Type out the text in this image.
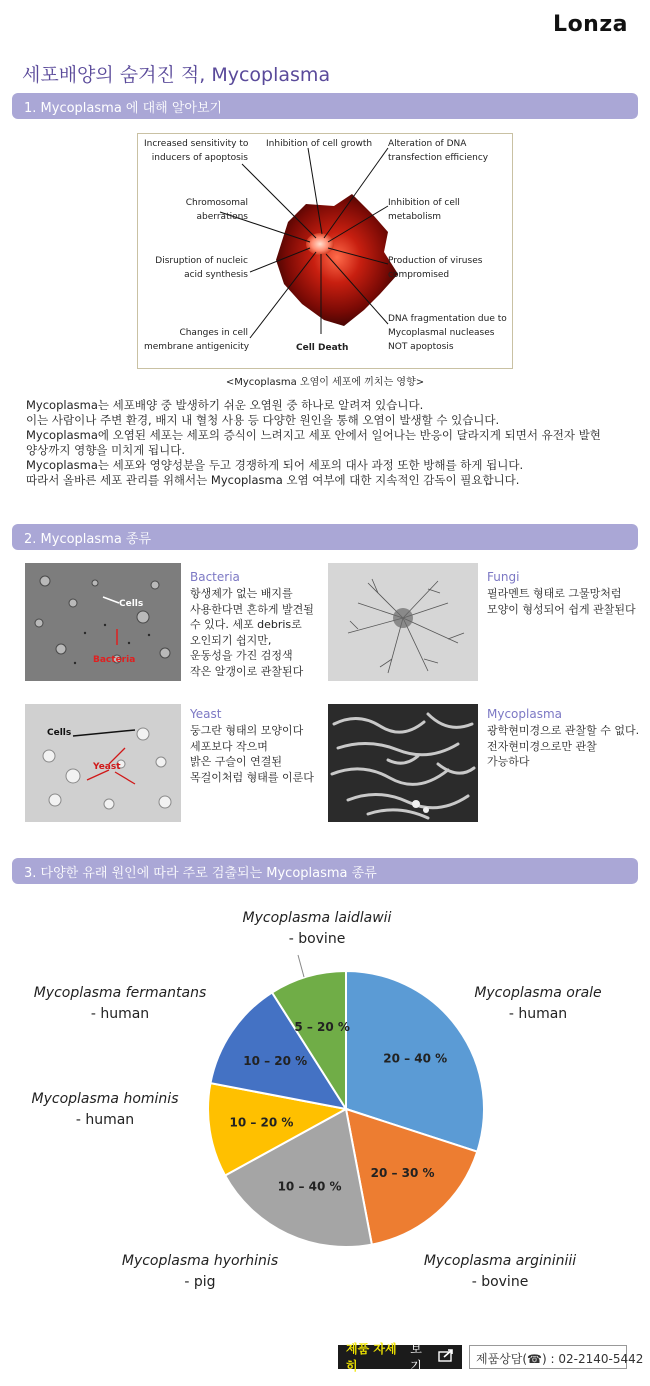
Lonza
세포배양의 숨겨진 적, Mycoplasma
1. Mycoplasma 에 대해 알아보기
Increased sensitivity to
inducers of apoptosis
Chromosomal
aberrations
Disruption of nucleic
acid synthesis
Changes in cell
membrane antigenicity
Inhibition of cell growth
Cell Death
Alteration of DNA
transfection efficiency
Inhibition of cell
metabolism
Production of viruses
compromised
DNA fragmentation due to
Mycoplasmal nucleases
NOT apoptosis
<Mycoplasma 오염이 세포에 끼치는 영향>

Mycoplasma는 세포배양 중 발생하기 쉬운 오염원 중 하나로 알려져 있습니다.

이는 사람이나 주변 환경, 배지 내 혈청 사용 등 다양한 원인을 통해 오염이 발생할 수 있습니다.

Mycoplasma에 오염된 세포는 세포의 증식이 느려지고 세포 안에서 일어나는 반응이 달라지게 되면서 유전자 발현

양상까지 영향을 미치게 됩니다.

Mycoplasma는 세포와 영양성분을 두고 경쟁하게 되어 세포의 대사 과정 또한 방해를 하게 됩니다.

따라서 올바른 세포 관리를 위해서는 Mycoplasma 오염 여부에 대한 지속적인 감독이 필요합니다.

2. Mycoplasma 종류
Cells
Bacteria
Bacteria
항생제가 없는 배지를
사용한다면 흔하게 발견될
수 있다. 세포 debris로
오인되기 쉽지만,
운동성을 가진 검정색
작은 알갱이로 관찰된다
Fungi
필라멘트 형태로 그물망처럼
모양이 형성되어 쉽게 관찰된다
Cells
Yeast
Yeast
둥그란 형태의 모양이다
세포보다 작으며
밝은 구슬이 연결된
목걸이처럼 형태를 이룬다
Mycoplasma
광학현미경으로 관찰할 수 없다.
전자현미경으로만 관찰
가능하다
3. 다양한 유래 원인에 따라 주로 검출되는 Mycoplasma 종류
20 – 40 %
20 – 30 %
10 – 40 %
10 – 20 %
10 – 20 %
5 – 20 %
Mycoplasma orale
- human
Mycoplasma argininiii
- bovine
Mycoplasma hyorhinis
- pig
Mycoplasma hominis
- human
Mycoplasma fermantans
- human
Mycoplasma laidlawii
- bovine
제품 자세히
보기	제품상담(☎) : 02-2140-5442
